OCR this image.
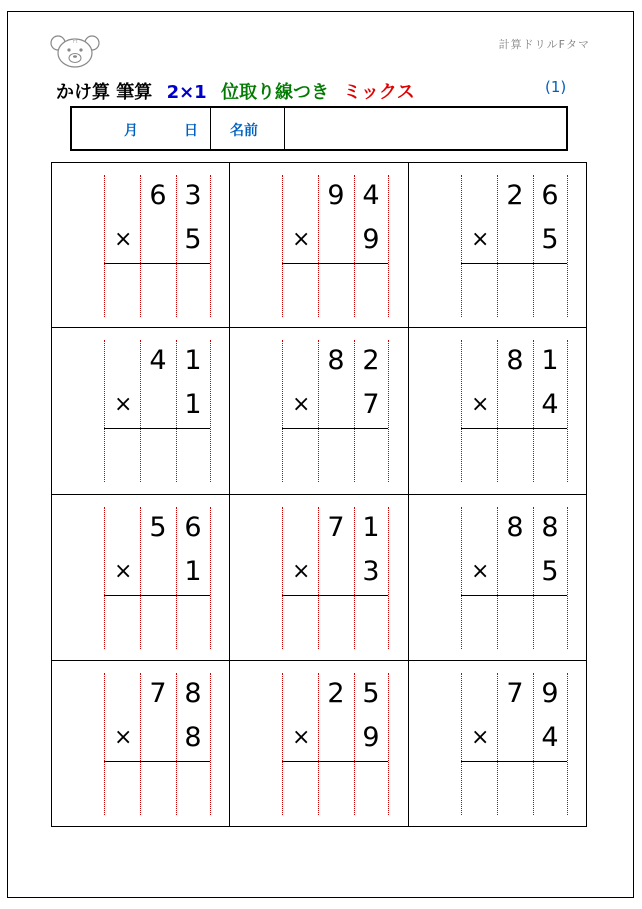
Ft	計算ドリルFタマ
かけ算 筆算 2×1 位取り線つき ミックス	(1)
月	日 名前
6 3
×	5
9 4
×	9
2 6
×	5
4 1
×	1
8 2
×	7
8 1
×	4
5 6
×	1
7 1
×	3
8 8
×	5
7 8
×	8
2 5
×	9
7 9
×	4
